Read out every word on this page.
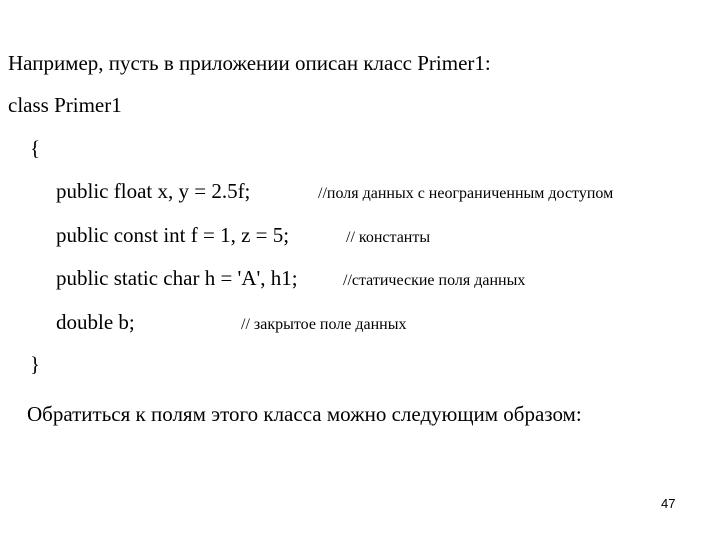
Например, пусть в приложении описан класс Primer1:
class Primer1
{
public float x, y = 2.5f;	//поля данных с неограниченным доступом
public const int f = 1, z = 5;	// константы
public static char h = 'A', h1;	//статические поля данных
double b;	// закрытое поле данных
}
Обратиться к полям этого класса можно следующим образом:
47
